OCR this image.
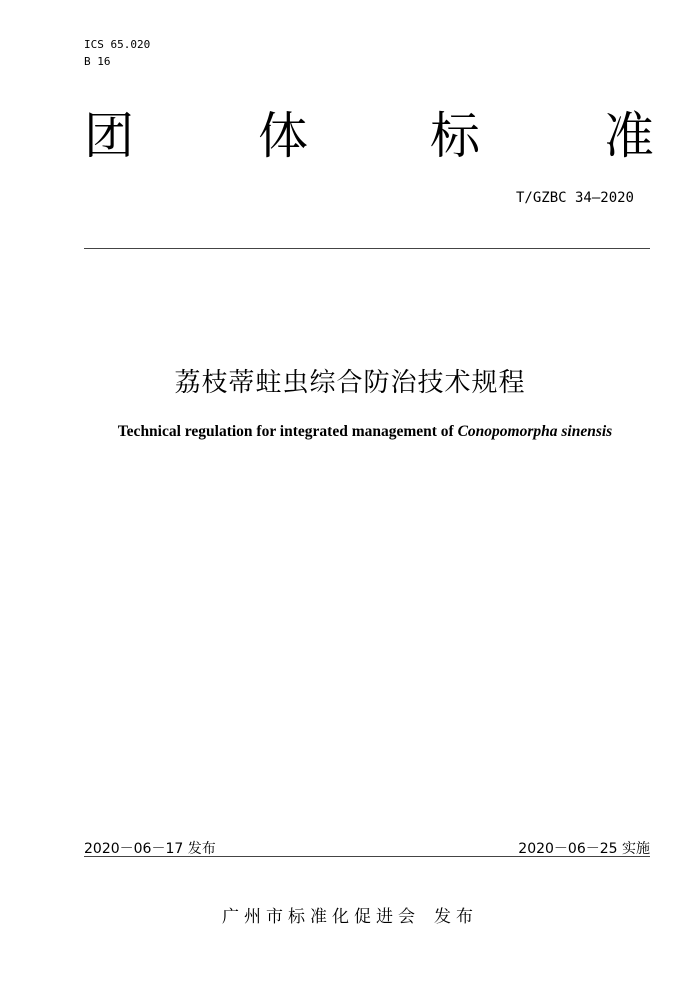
ICS 65.020
B 16
团 体 标 准
T/GZBC 34—2020
荔枝蒂蛀虫综合防治技术规程
Technical regulation for integrated management of Conopomorpha sinensis
2020－06－17 发布	2020－06－25 实施
广州市标准化促进会 发布
